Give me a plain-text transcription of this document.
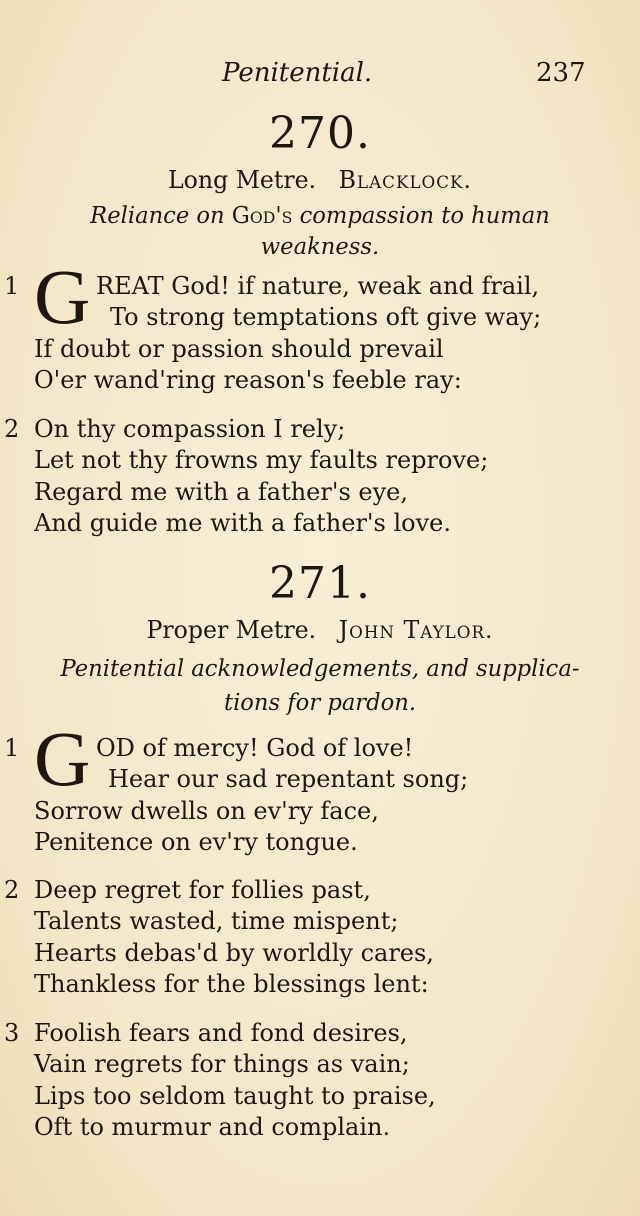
Penitential.	237
270.
Long Metre. Blacklock.
Reliance on God's compassion to human
weakness.
1 G REAT God! if nature, weak and frail,
To strong temptations oft give way;
If doubt or passion should prevail
O'er wand'ring reason's feeble ray:
2 On thy compassion I rely;
Let not thy frowns my faults reprove;
Regard me with a father's eye,
And guide me with a father's love.
271.
Proper Metre. John Taylor.
Penitential acknowledgements, and supplica-
tions for pardon.
1 G OD of mercy! God of love!
Hear our sad repentant song;
Sorrow dwells on ev'ry face,
Penitence on ev'ry tongue.
2 Deep regret for follies past,
Talents wasted, time mispent;
Hearts debas'd by worldly cares,
Thankless for the blessings lent:
3 Foolish fears and fond desires,
Vain regrets for things as vain;
Lips too seldom taught to praise,
Oft to murmur and complain.
